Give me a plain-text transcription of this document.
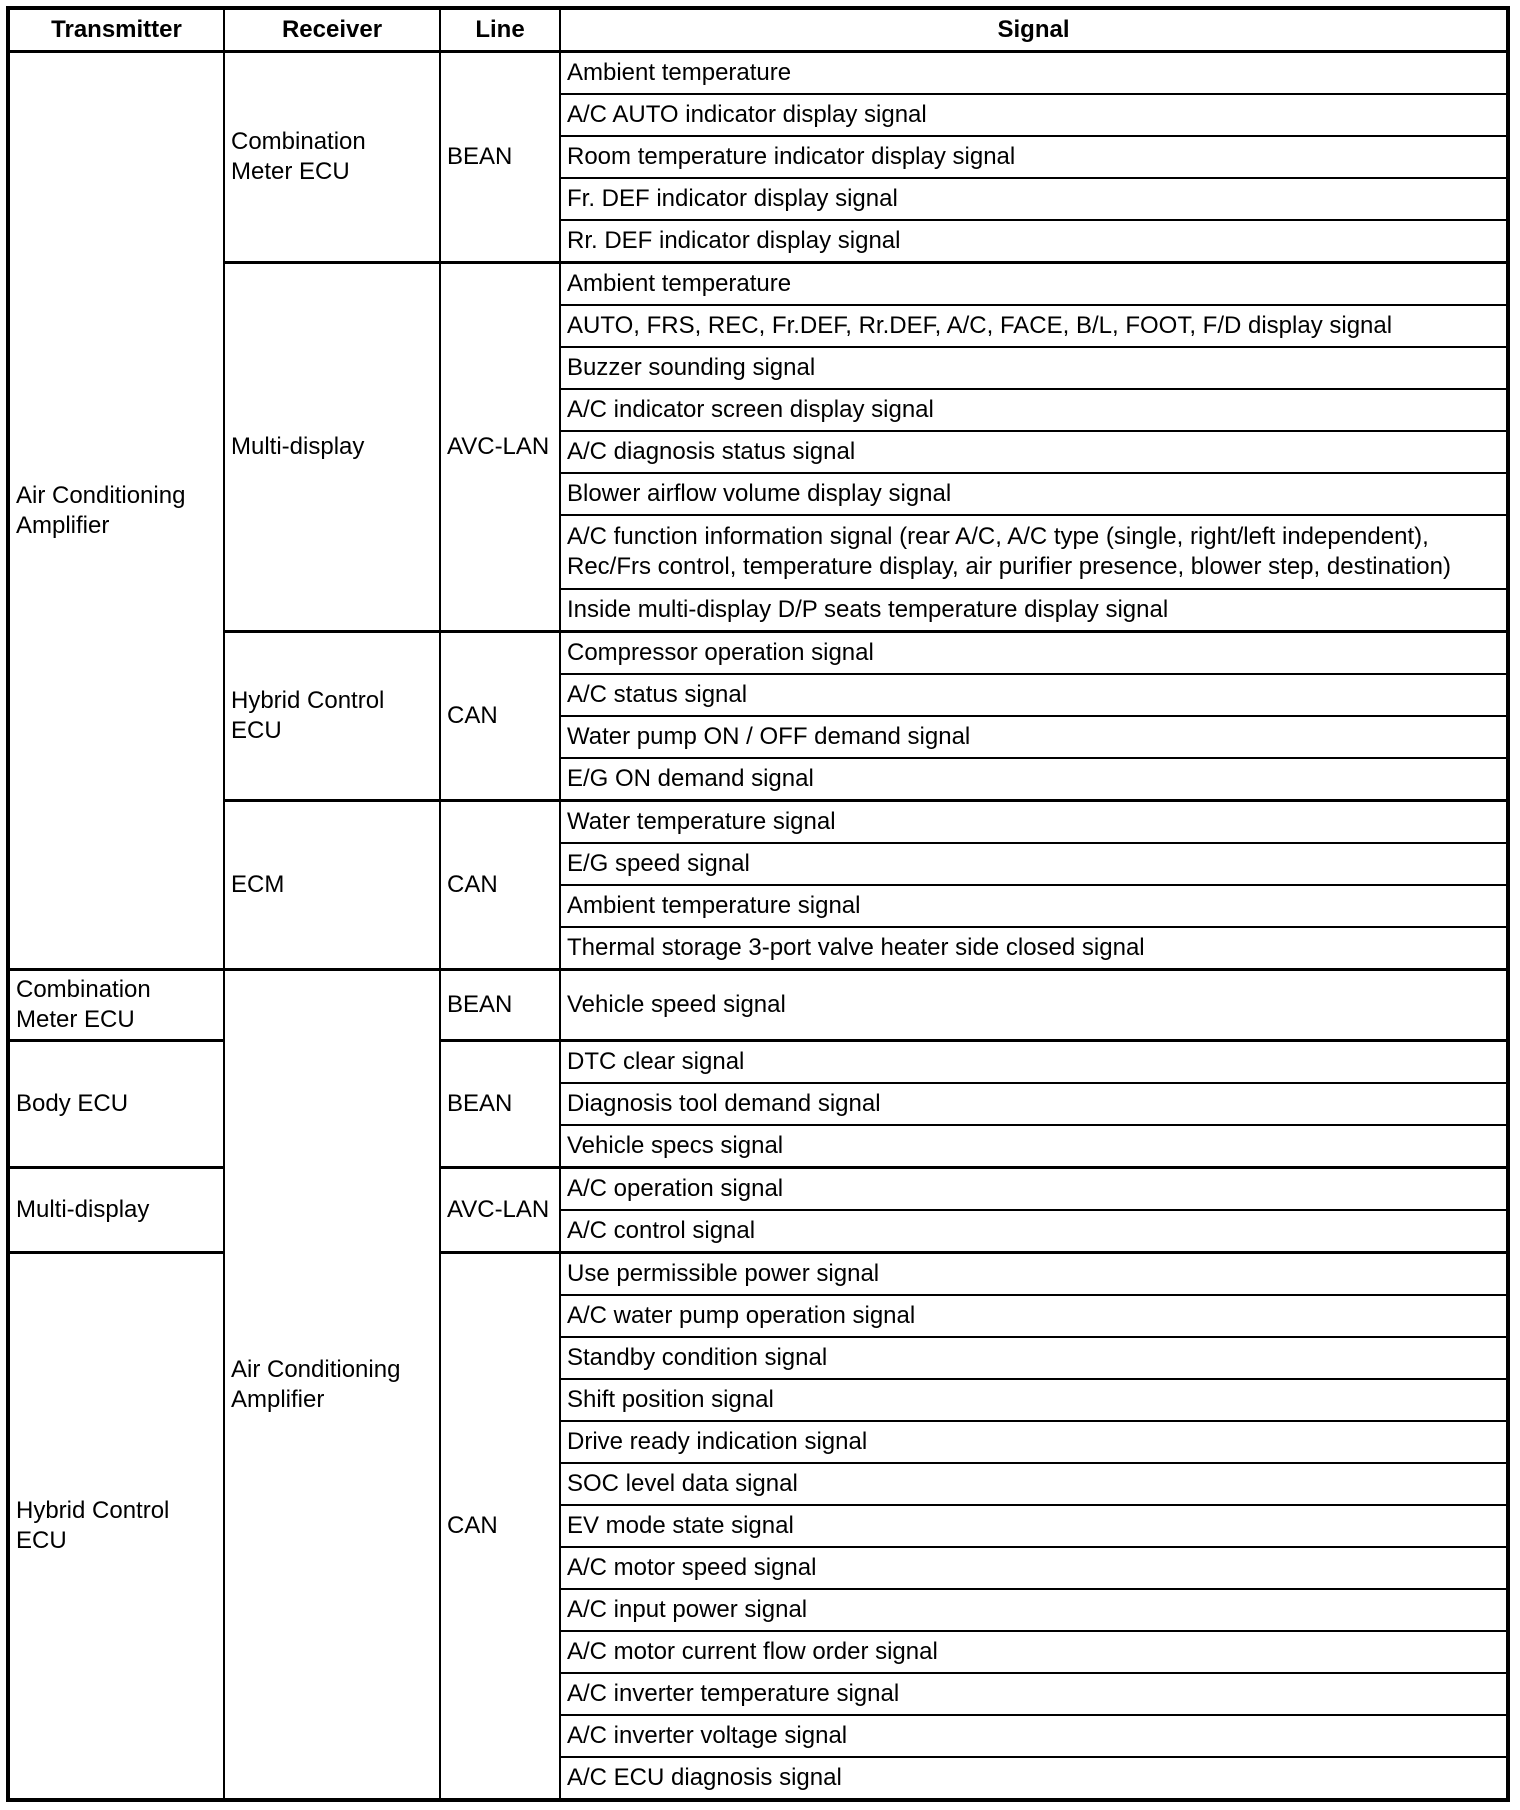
Transmitter	Receiver	Line	Signal
Air Conditioning Amplifier	Combination Meter ECU	BEAN	Ambient temperature
			A/C AUTO indicator display signal
			Room temperature indicator display signal
			Fr. DEF indicator display signal
			Rr. DEF indicator display signal
	Multi-display	AVC-LAN	Ambient temperature
			AUTO, FRS, REC, Fr.DEF, Rr.DEF, A/C, FACE, B/L, FOOT, F/D display signal
			Buzzer sounding signal
			A/C indicator screen display signal
			A/C diagnosis status signal
			Blower airflow volume display signal
			A/C function information signal (rear A/C, A/C type (single, right/left independent), Rec/Frs control, temperature display, air purifier presence, blower step, destination)
			Inside multi-display D/P seats temperature display signal
	Hybrid Control ECU	CAN	Compressor operation signal
			A/C status signal
			Water pump ON / OFF demand signal
			E/G ON demand signal
	ECM	CAN	Water temperature signal
			E/G speed signal
			Ambient temperature signal
			Thermal storage 3-port valve heater side closed signal
Combination Meter ECU	Air Conditioning Amplifier	BEAN	Vehicle speed signal
Body ECU		BEAN	DTC clear signal
			Diagnosis tool demand signal
			Vehicle specs signal
Multi-display		AVC-LAN	A/C operation signal
			A/C control signal
Hybrid Control ECU		CAN	Use permissible power signal
			A/C water pump operation signal
			Standby condition signal
			Shift position signal
			Drive ready indication signal
			SOC level data signal
			EV mode state signal
			A/C motor speed signal
			A/C input power signal
			A/C motor current flow order signal
			A/C inverter temperature signal
			A/C inverter voltage signal
			A/C ECU diagnosis signal
